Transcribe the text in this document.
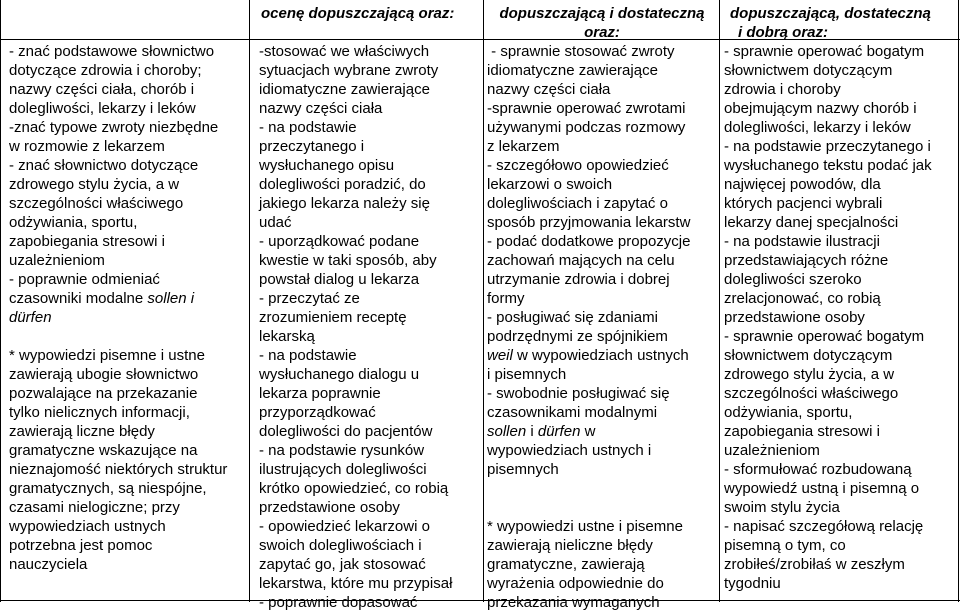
- znać podstawowe słownictwo
dotyczące zdrowia i choroby;
nazwy części ciała, chorób i
dolegliwości, lekarzy i leków
-znać typowe zwroty niezbędne
w rozmowie z lekarzem
- znać słownictwo dotyczące
zdrowego stylu życia, a w
szczególności właściwego
odżywiania, sportu,
zapobiegania stresowi i
uzależnieniom
- poprawnie odmieniać
czasowniki modalne sollen i
dürfen

* wypowiedzi pisemne i ustne
zawierają ubogie słownictwo
pozwalające na przekazanie
tylko nielicznych informacji,
zawierają liczne błędy
gramatyczne wskazujące na
nieznajomość niektórych struktur
gramatycznych, są niespójne,
czasami nielogiczne; przy
wypowiedziach ustnych
potrzebna jest pomoc
nauczyciela
ocenę dopuszczającą oraz:
-stosować we właściwych
sytuacjach wybrane zwroty
idiomatyczne zawierające
nazwy części ciała
- na podstawie
przeczytanego i
wysłuchanego opisu
dolegliwości poradzić, do
jakiego lekarza należy się
udać
- uporządkować podane
kwestie w taki sposób, aby
powstał dialog u lekarza
- przeczytać ze
zrozumieniem receptę
lekarską
- na podstawie
wysłuchanego dialogu u
lekarza poprawnie
przyporządkować
dolegliwości do pacjentów
- na podstawie rysunków
ilustrujących dolegliwości
krótko opowiedzieć, co robią
przedstawione osoby
- opowiedzieć lekarzowi o
swoich dolegliwościach i
zapytać go, jak stosować
lekarstwa, które mu przypisał
- poprawnie dopasować
dopuszczającą i dostateczną
oraz:
- sprawnie stosować zwroty
idiomatyczne zawierające
nazwy części ciała
-sprawnie operować zwrotami
używanymi podczas rozmowy
z lekarzem
- szczegółowo opowiedzieć
lekarzowi o swoich
dolegliwościach i zapytać o
sposób przyjmowania lekarstw
- podać dodatkowe propozycje
zachowań mających na celu
utrzymanie zdrowia i dobrej
formy
- posługiwać się zdaniami
podrzędnymi ze spójnikiem
weil w wypowiedziach ustnych
i pisemnych
- swobodnie posługiwać się
czasownikami modalnymi
sollen i dürfen w
wypowiedziach ustnych i
pisemnych

* wypowiedzi ustne i pisemne
zawierają nieliczne błędy
gramatyczne, zawierają
wyrażenia odpowiednie do
przekazania wymaganych
dopuszczającą, dostateczną
i dobrą oraz:
- sprawnie operować bogatym
słownictwem dotyczącym
zdrowia i choroby
obejmującym nazwy chorób i
dolegliwości, lekarzy i leków
- na podstawie przeczytanego i
wysłuchanego tekstu podać jak
najwięcej powodów, dla
których pacjenci wybrali
lekarzy danej specjalności
- na podstawie ilustracji
przedstawiających różne
dolegliwości szeroko
zrelacjonować, co robią
przedstawione osoby
- sprawnie operować bogatym
słownictwem dotyczącym
zdrowego stylu życia, a w
szczególności właściwego
odżywiania, sportu,
zapobiegania stresowi i
uzależnieniom
- sformułować rozbudowaną
wypowiedź ustną i pisemną o
swoim stylu życia
- napisać szczegółową relację
pisemną o tym, co
zrobiłeś/zrobiłaś w zeszłym
tygodniu
